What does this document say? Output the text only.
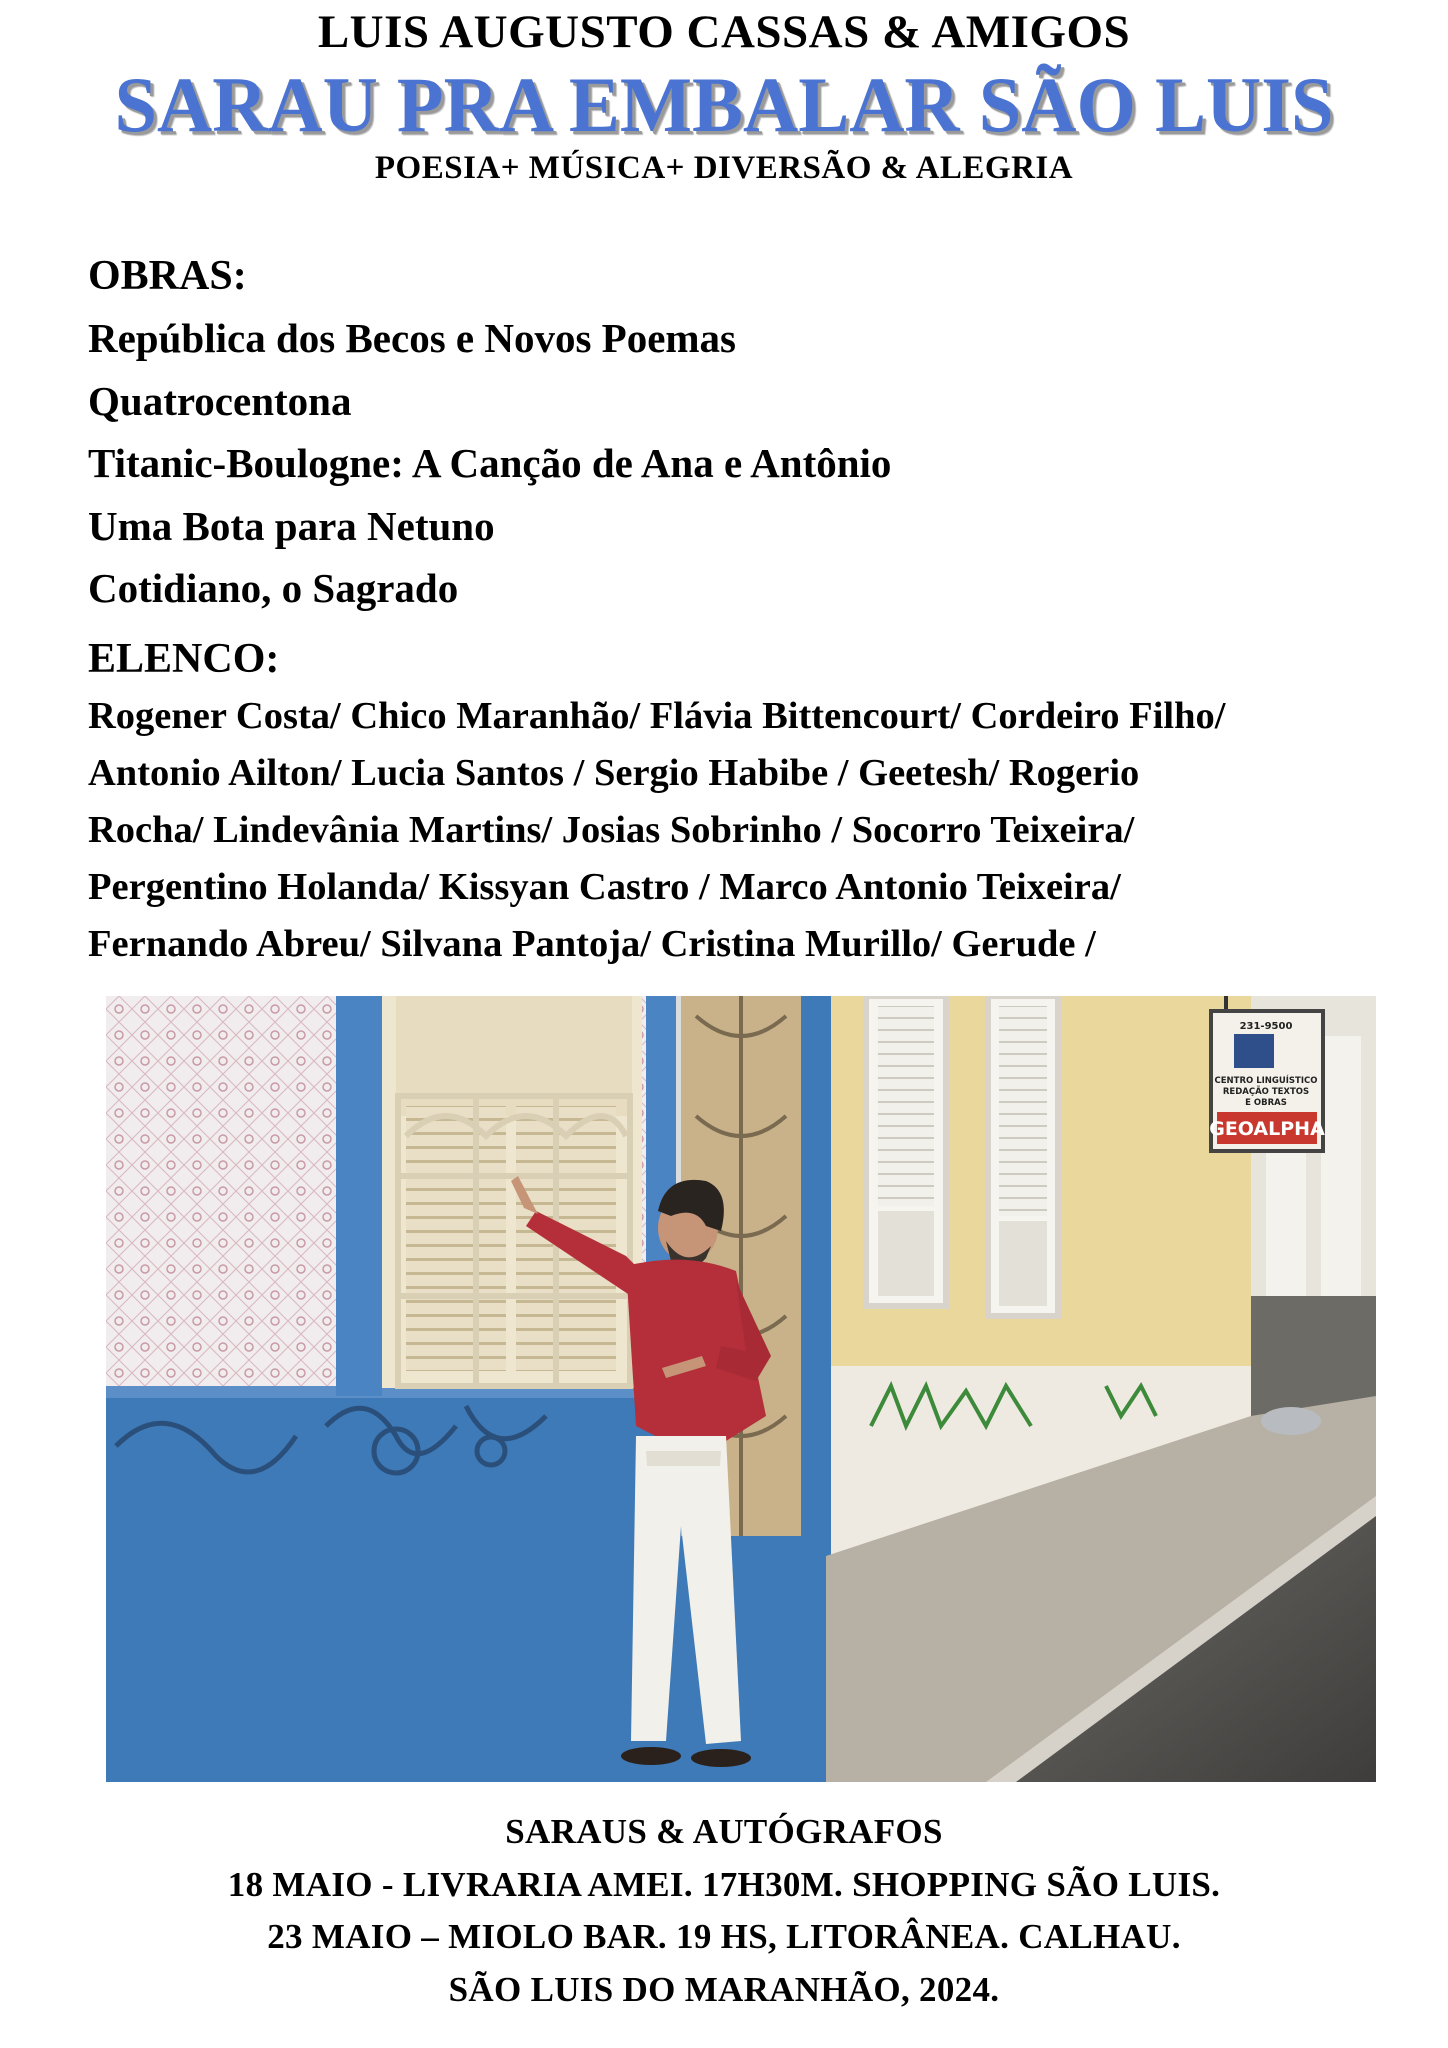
LUIS AUGUSTO CASSAS & AMIGOS
SARAU PRA EMBALAR SÃO LUIS
POESIA+ MÚSICA+ DIVERSÃO & ALEGRIA

OBRAS:

República dos Becos e Novos Poemas

Quatrocentona

Titanic-Boulogne: A Canção de Ana e Antônio

Uma Bota para Netuno

Cotidiano, o Sagrado

ELENCO:

Rogener Costa/ Chico Maranhão/ Flávia Bittencourt/ Cordeiro Filho/

Antonio Ailton/ Lucia Santos / Sergio Habibe / Geetesh/ Rogerio

Rocha/ Lindevânia Martins/ Josias Sobrinho / Socorro Teixeira/

Pergentino Holanda/ Kissyan Castro / Marco Antonio Teixeira/

Fernando Abreu/ Silvana Pantoja/ Cristina Murillo/ Gerude /

231-9500
CENTRO LINGUÍSTICO
REDAÇÃO TEXTOS
E OBRAS
GEOALPHA

SARAUS & AUTÓGRAFOS

18 MAIO - LIVRARIA AMEI. 17H30M. SHOPPING SÃO LUIS.

23 MAIO – MIOLO BAR. 19 HS, LITORÂNEA. CALHAU.

SÃO LUIS DO MARANHÃO, 2024.
